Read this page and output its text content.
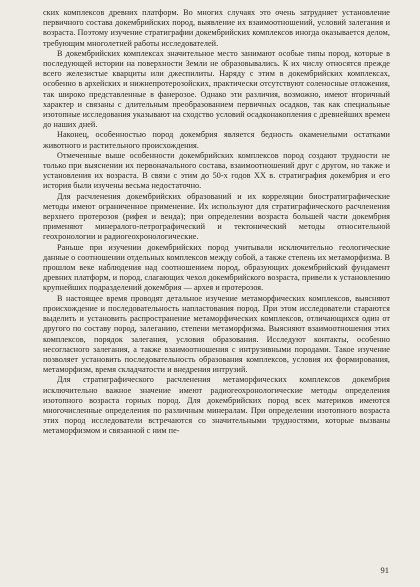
ских комплексов древних платформ. Во многих случаях это очень затрудняет установление первичного состава докембрийских пород, выявление их взаимоотношений, условий залегания и возраста. Поэтому изучение стратиграфии докембрийских комплексов иногда оказывается делом, требующим многолетней работы исследователей.

В докембрийских комплексах значительное место занимают особые типы пород, которые в последующей истории на поверхности Земли не образовывались. К их числу относятся прежде всего железистые кварциты или джеспилиты. Наряду с этим в докембрийских комплексах, особенно в архейских и нижнепротерозойских, практически отсутствуют соленосные отложения, так широко представленные в фанерозое. Однако эти различия, возможно, имеют вторичный характер и связаны с длительным преобразованием первичных осадков, так как специальные изотопные исследования указывают на сходство условий осадконакопления с древнейших времен до наших дней.

Наконец, особенностью пород докембрия является бедность окаменелыми остатками животного и растительного происхождения.

Отмеченные выше особенности докембрийских комплексов пород создают трудности не только при выяснении их первоначального состава, взаимоотношений друг с другом, но также и установления их возраста. В связи с этим до 50-х годов XX в. стратиграфия докембрия и его история были изучены весьма недостаточно.

Для расчленения докембрийских образований и их корреляции биостратиграфические методы имеют ограниченное применение. Их используют для стратиграфического расчленения верхнего протерозоя (рифея и венда); при определении возраста большей части докембрия применяют минералого-петрографический и тектонический методы относительной геохронологии и радиогеохронологические.

Раньше при изучении докембрийских пород учитывали исключительно геологические данные о соотношении отдельных комплексов между собой, а также степень их метаморфизма. В прошлом веке наблюдения над соотношением пород, образующих докембрийский фундамент древних платформ, и пород, слагающих чехол докембрийского возраста, привели к установлению крупнейших подразделений докембрия — архея и протерозоя.

В настоящее время проводят детальное изучение метаморфических комплексов, выясняют происхождение и последовательность напластования пород. При этом исследователи стараются выделить и установить распространение метаморфических комплексов, отличающихся один от другого по составу пород, залеганию, степени метаморфизма. Выясняют взаимоотношения этих комплексов, порядок залегания, условия образования. Исследуют контакты, особенно несогласного залегания, а также взаимоотношения с интрузивными породами. Такое изучение позволяет установить последовательность образования комплексов, условия их формирования, метаморфизм, время складчатости и внедрения интрузий.

Для стратиграфического расчленения метаморфических комплексов докембрия исключительно важное значение имеют радиогеохронологические методы определения изотопного возраста горных пород. Для докембрийских пород всех материков имеются многочисленные определения по различным минералам. При определении изотопного возраста этих пород исследователи встречаются со значительными трудностями, которые вызваны метаморфизмом и связанной с ним пе-

91
